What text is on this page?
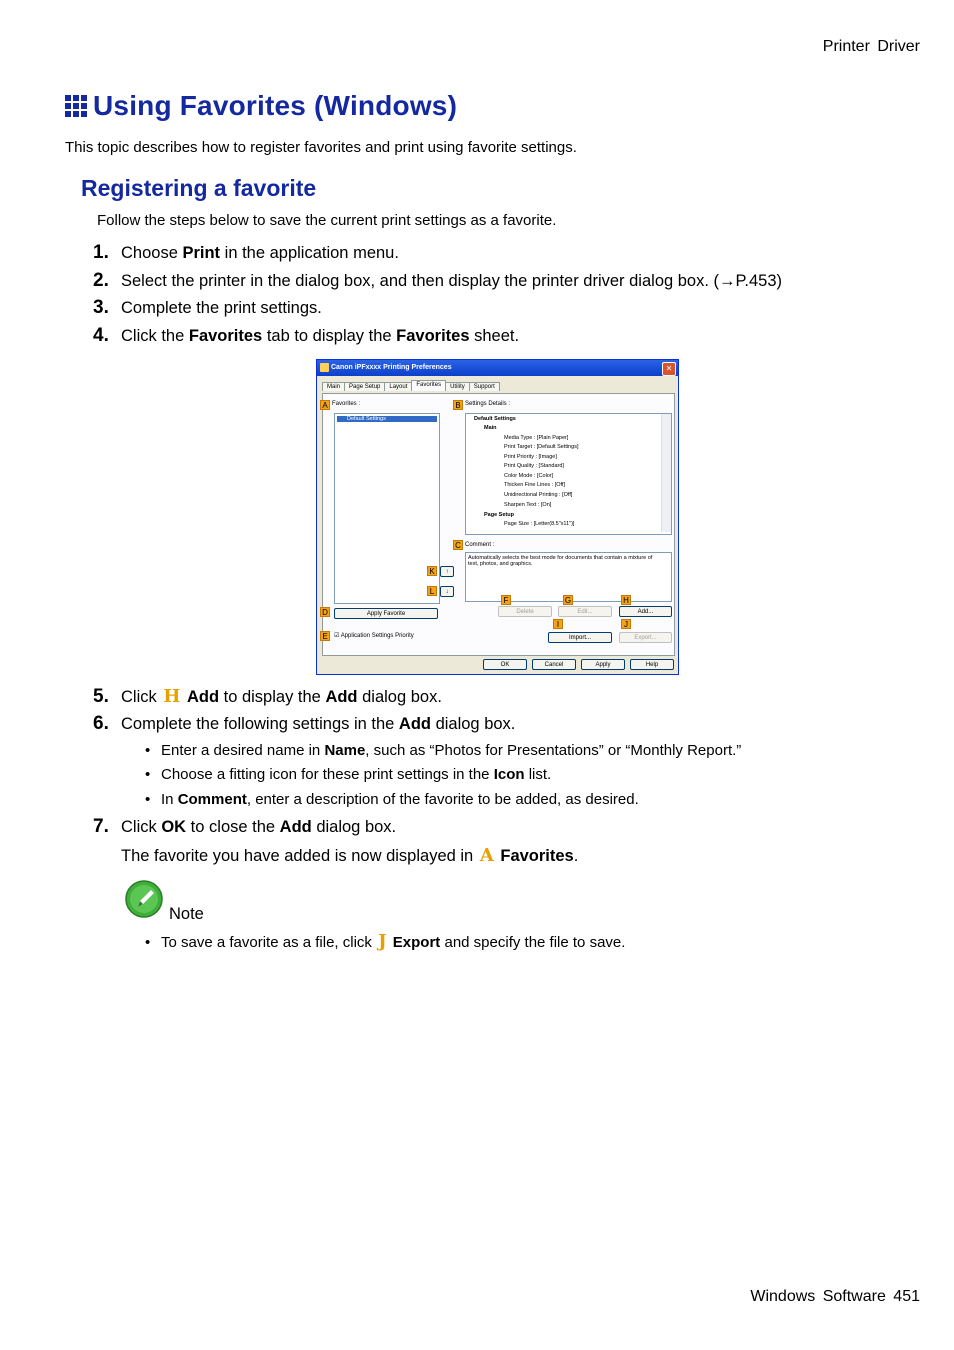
Printer Driver
Using Favorites (Windows)
This topic describes how to register favorites and print using favorite settings.
Registering a favorite
Follow the steps below to save the current print settings as a favorite.
1. Choose Print in the application menu.
2. Select the printer in the dialog box, and then display the printer driver dialog box. (→P.453)
3. Complete the print settings.
4. Click the Favorites tab to display the Favorites sheet.
Canon iPFxxxx Printing Preferences	✕
Main	Page Setup	Layout	Favorites	Utility	Support
A Favorites :
Default Settings
B Settings Details :
Default Settings
Main
Media Type : [Plain Paper]
Print Target : [Default Settings]
Print Priority : [Image]
Print Quality : [Standard]
Color Mode : [Color]
Thicken Fine Lines : [Off]
Unidirectional Printing : [Off]
Sharpen Text : [On]
Page Setup
Page Size : [Letter(8.5"x11")]
C Comment :
Automatically selects the best mode for documents that contain a mixture of text, photos, and graphics.
K	↑
L	↓
F	G	H
D	Apply Favorite	Delete	Edit...	Add...
I	J
E	☑ Application Settings Priority	Import...	Export...
OK	Cancel	Apply	Help
5. Click H Add to display the Add dialog box.
6. Complete the following settings in the Add dialog box.
• Enter a desired name in Name, such as “Photos for Presentations” or “Monthly Report.”
• Choose a fitting icon for these print settings in the Icon list.
• In Comment, enter a description of the favorite to be added, as desired.
7. Click OK to close the Add dialog box.
The favorite you have added is now displayed in A Favorites.
Note
• To save a favorite as a file, click J Export and specify the file to save.
Windows Software 451
